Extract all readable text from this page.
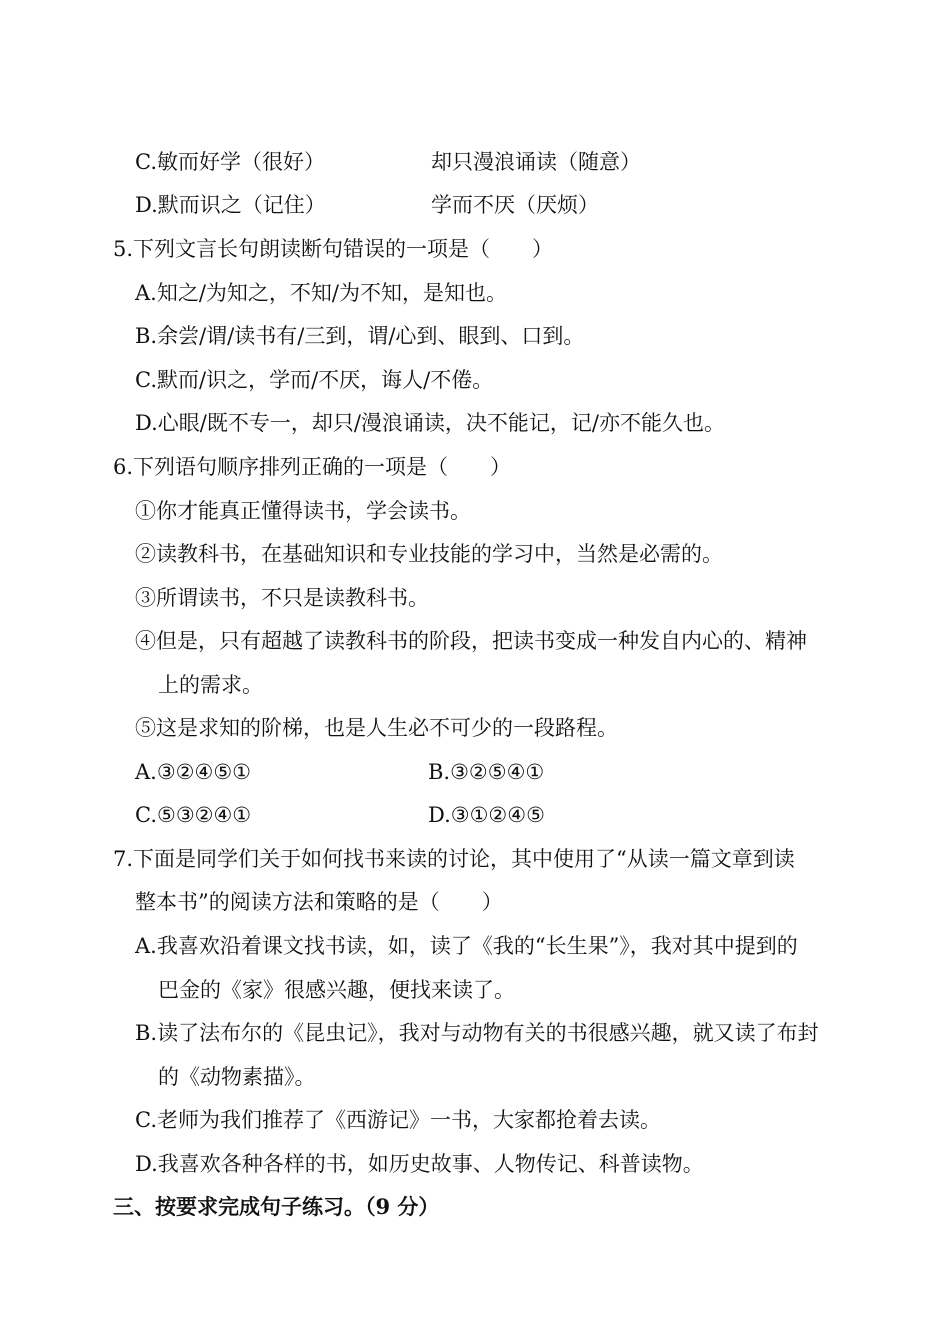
C.敏而好学（很好）	却只漫浪诵读（随意）
D.默而识之（记住）	学而不厌（厌烦）
5.下列文言长句朗读断句错误的一项是（　　）
A.知之/为知之，不知/为不知，是知也。
B.余尝/谓/读书有/三到，谓/心到、眼到、口到。
C.默而/识之，学而/不厌，诲人/不倦。
D.心眼/既不专一，却只/漫浪诵读，决不能记，记/亦不能久也。
6.下列语句顺序排列正确的一项是（　　）
①你才能真正懂得读书，学会读书。
②读教科书，在基础知识和专业技能的学习中，当然是必需的。
③所谓读书，不只是读教科书。
④但是，只有超越了读教科书的阶段，把读书变成一种发自内心的、精神
上的需求。
⑤这是求知的阶梯，也是人生必不可少的一段路程。
A.③②④⑤①	B.③②⑤④①
C.⑤③②④①	D.③①②④⑤
7.下面是同学们关于如何找书来读的讨论，其中使用了“从读一篇文章到读
整本书”的阅读方法和策略的是（　　）
A.我喜欢沿着课文找书读，如，读了《我的“长生果”》，我对其中提到的
巴金的《家》很感兴趣，便找来读了。
B.读了法布尔的《昆虫记》，我对与动物有关的书很感兴趣，就又读了布封
的《动物素描》。
C.老师为我们推荐了《西游记》一书，大家都抢着去读。
D.我喜欢各种各样的书，如历史故事、人物传记、科普读物。
三、按要求完成句子练习。（9 分）
